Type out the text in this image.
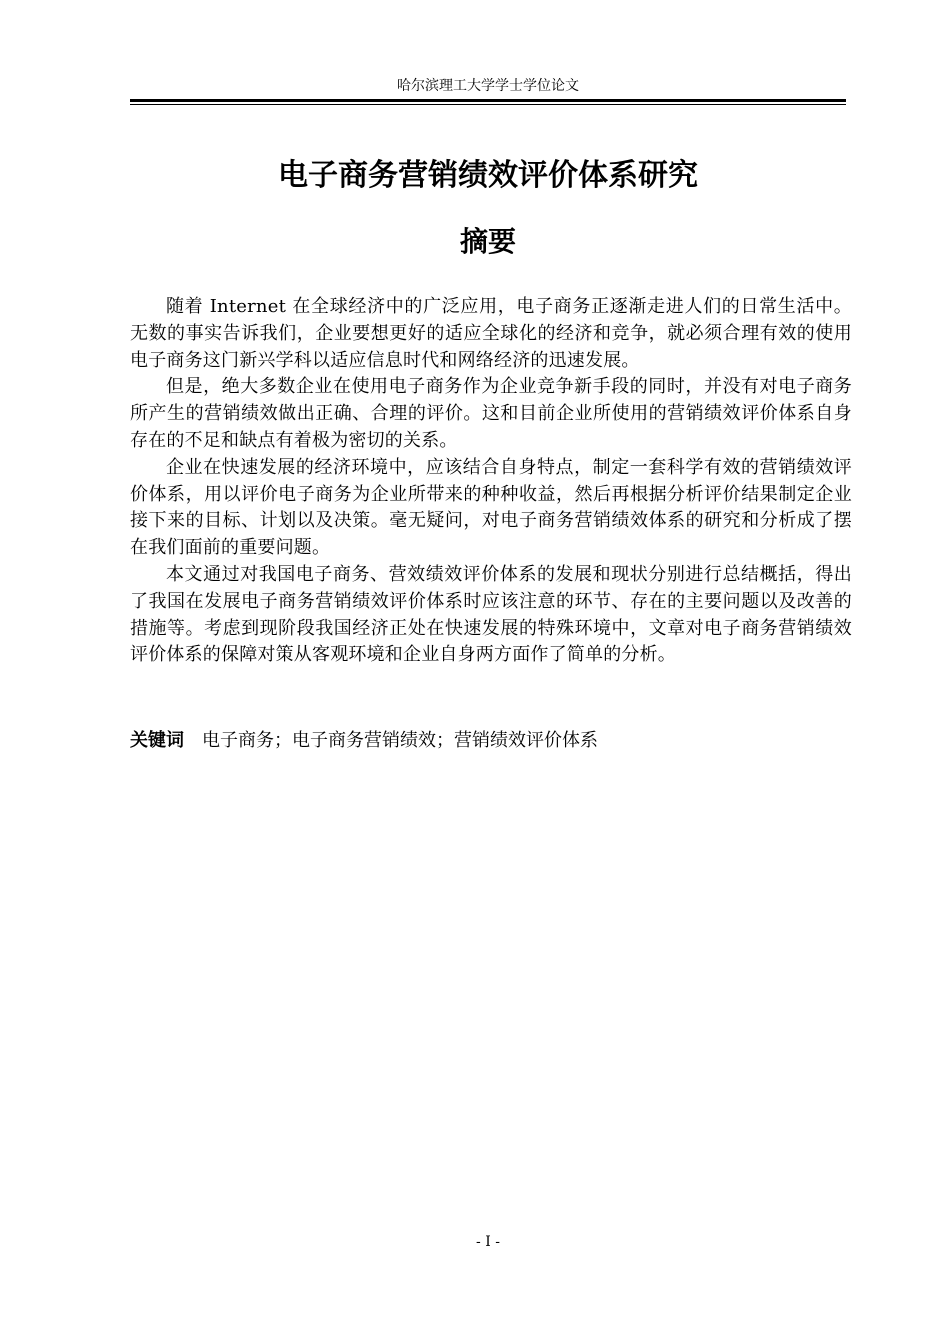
哈尔滨理工大学学士学位论文
电子商务营销绩效评价体系研究
摘要

随着 Internet 在全球经济中的广泛应用，电子商务正逐渐走进人们的日常生活中。无数的事实告诉我们，企业要想更好的适应全球化的经济和竞争，就必须合理有效的使用电子商务这门新兴学科以适应信息时代和网络经济的迅速发展。

但是，绝大多数企业在使用电子商务作为企业竞争新手段的同时，并没有对电子商务所产生的营销绩效做出正确、合理的评价。这和目前企业所使用的营销绩效评价体系自身存在的不足和缺点有着极为密切的关系。

企业在快速发展的经济环境中，应该结合自身特点，制定一套科学有效的营销绩效评价体系，用以评价电子商务为企业所带来的种种收益，然后再根据分析评价结果制定企业接下来的目标、计划以及决策。毫无疑问，对电子商务营销绩效体系的研究和分析成了摆在我们面前的重要问题。

本文通过对我国电子商务、营效绩效评价体系的发展和现状分别进行总结概括，得出了我国在发展电子商务营销绩效评价体系时应该注意的环节、存在的主要问题以及改善的措施等。考虑到现阶段我国经济正处在快速发展的特殊环境中，文章对电子商务营销绩效评价体系的保障对策从客观环境和企业自身两方面作了简单的分析。

关键词 电子商务；电子商务营销绩效；营销绩效评价体系
- I -
